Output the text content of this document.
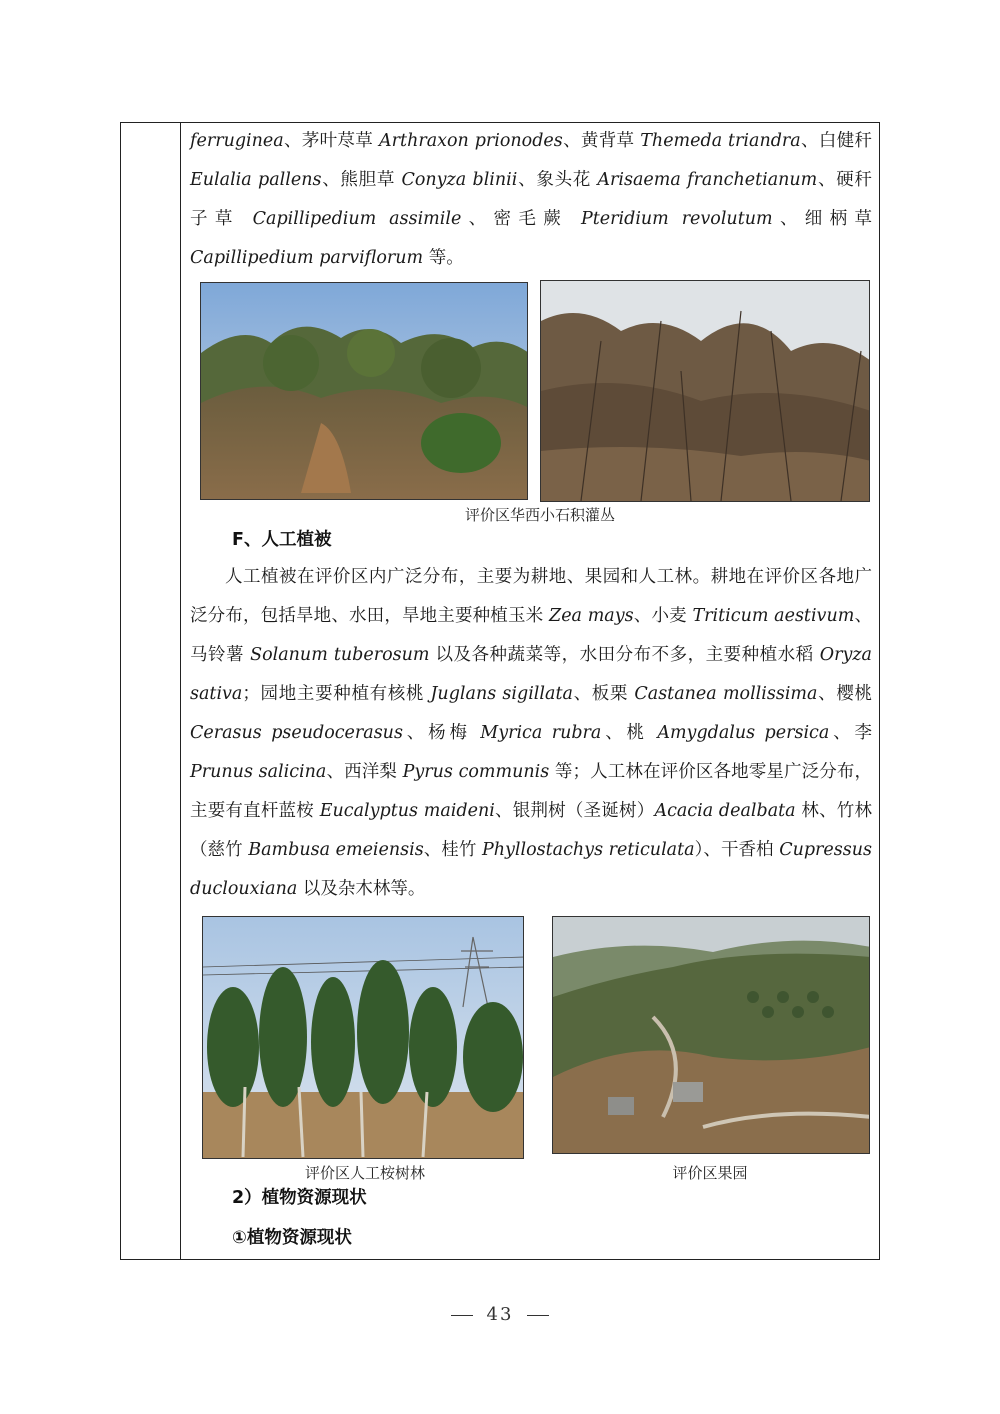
ferruginea、茅叶荩草 Arthraxon prionodes、黄背草 Themeda triandra、白健秆 Eulalia pallens、熊胆草 Conyza blinii、象头花 Arisaema franchetianum、硬秆子草 Capillipedium assimile、密毛蕨 Pteridium revolutum、细柄草 Capillipedium parviflorum 等。

评价区华西小石积灌丛
F、人工植被

人工植被在评价区内广泛分布，主要为耕地、果园和人工林。耕地在评价区各地广泛分布，包括旱地、水田，旱地主要种植玉米 Zea mays、小麦 Triticum aestivum、马铃薯 Solanum tuberosum 以及各种蔬菜等，水田分布不多，主要种植水稻 Oryza sativa；园地主要种植有核桃 Juglans sigillata、板栗 Castanea mollissima、樱桃 Cerasus pseudocerasus、杨梅 Myrica rubra、桃 Amygdalus persica、李 Prunus salicina、西洋梨 Pyrus communis 等；人工林在评价区各地零星广泛分布，主要有直杆蓝桉 Eucalyptus maideni、银荆树（圣诞树）Acacia dealbata 林、竹林（慈竹 Bambusa emeiensis、桂竹 Phyllostachys reticulata）、干香柏 Cupressus duclouxiana 以及杂木林等。

评价区人工桉树林	评价区果园
2）植物资源现状
①植物资源现状
43
